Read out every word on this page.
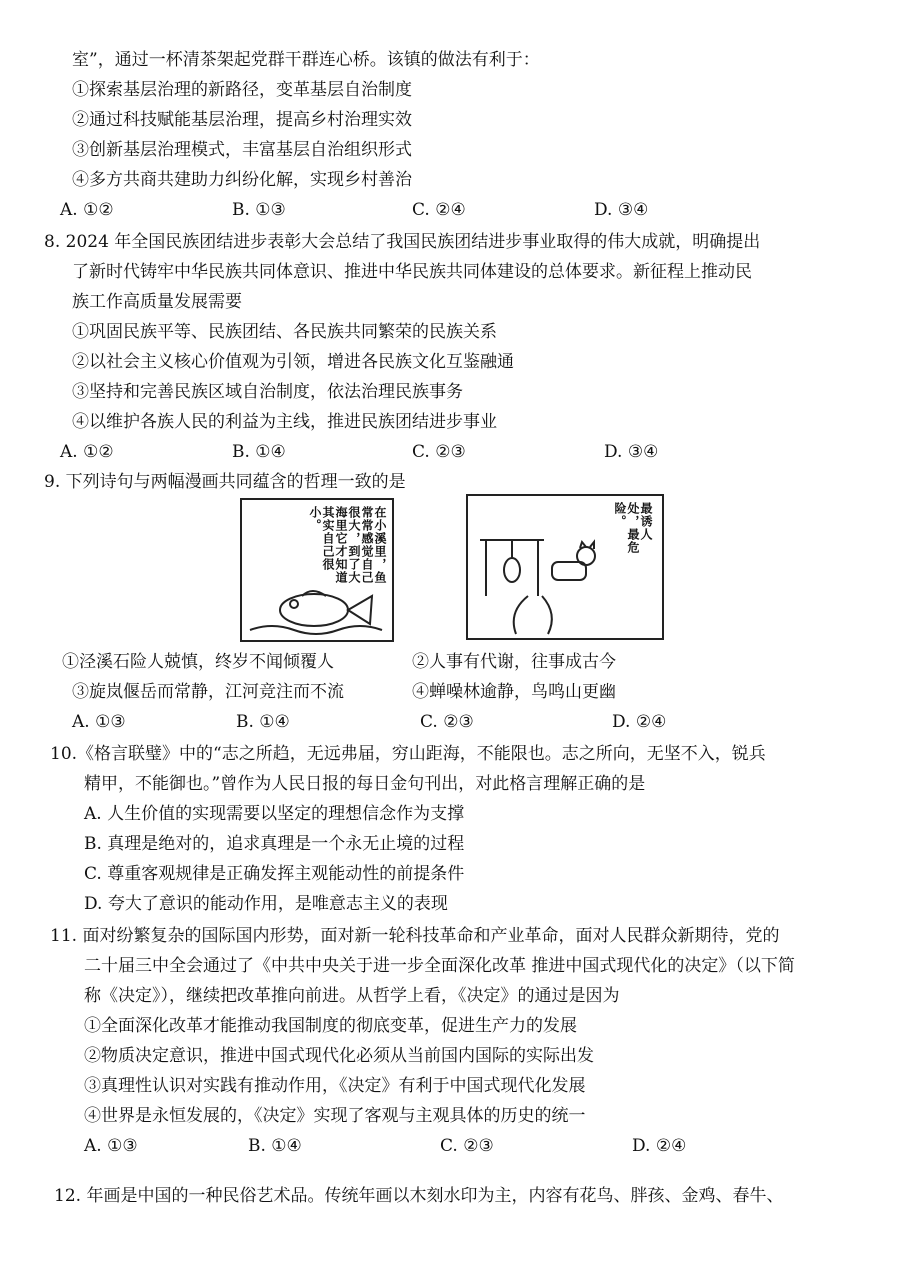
室”，通过一杯清茶架起党群干群连心桥。该镇的做法有利于：
①探索基层治理的新路径，变革基层自治制度
②通过科技赋能基层治理，提高乡村治理实效
③创新基层治理模式，丰富基层自治组织形式
④多方共商共建助力纠纷化解，实现乡村善治
A. ①②	B. ①③	C. ②④	D. ③④
8. 2024 年全国民族团结进步表彰大会总结了我国民族团结进步事业取得的伟大成就，明确提出
了新时代铸牢中华民族共同体意识、推进中华民族共同体建设的总体要求。新征程上推动民
族工作高质量发展需要
①巩固民族平等、民族团结、各民族共同繁荣的民族关系
②以社会主义核心价值观为引领，增进各民族文化互鉴融通
③坚持和完善民族区域自治制度，依法治理民族事务
④以维护各族人民的利益为主线，推进民族团结进步事业
A. ①②	B. ①④	C. ②③	D. ③④
9. 下列诗句与两幅漫画共同蕴含的哲理一致的是
在小溪里，鱼常常感觉自己很大，到了大海里它才知道其实自己很小。	最诱人处，最危险。
①泾溪石险人兢慎，终岁不闻倾覆人	②人事有代谢，往事成古今
③旋岚偃岳而常静，江河竞注而不流	④蝉噪林逾静，鸟鸣山更幽
A. ①③	B. ①④	C. ②③	D. ②④
10.《格言联璧》中的“志之所趋，无远弗届，穷山距海，不能限也。志之所向，无坚不入，锐兵
精甲，不能御也。”曾作为人民日报的每日金句刊出，对此格言理解正确的是
A. 人生价值的实现需要以坚定的理想信念作为支撑
B. 真理是绝对的，追求真理是一个永无止境的过程
C. 尊重客观规律是正确发挥主观能动性的前提条件
D. 夸大了意识的能动作用，是唯意志主义的表现
11. 面对纷繁复杂的国际国内形势，面对新一轮科技革命和产业革命，面对人民群众新期待，党的
二十届三中全会通过了《中共中央关于进一步全面深化改革 推进中国式现代化的决定》（以下简
称《决定》），继续把改革推向前进。从哲学上看，《决定》的通过是因为
①全面深化改革才能推动我国制度的彻底变革，促进生产力的发展
②物质决定意识，推进中国式现代化必须从当前国内国际的实际出发
③真理性认识对实践有推动作用，《决定》有利于中国式现代化发展
④世界是永恒发展的，《决定》实现了客观与主观具体的历史的统一
A. ①③	B. ①④	C. ②③	D. ②④
12. 年画是中国的一种民俗艺术品。传统年画以木刻水印为主，内容有花鸟、胖孩、金鸡、春牛、
